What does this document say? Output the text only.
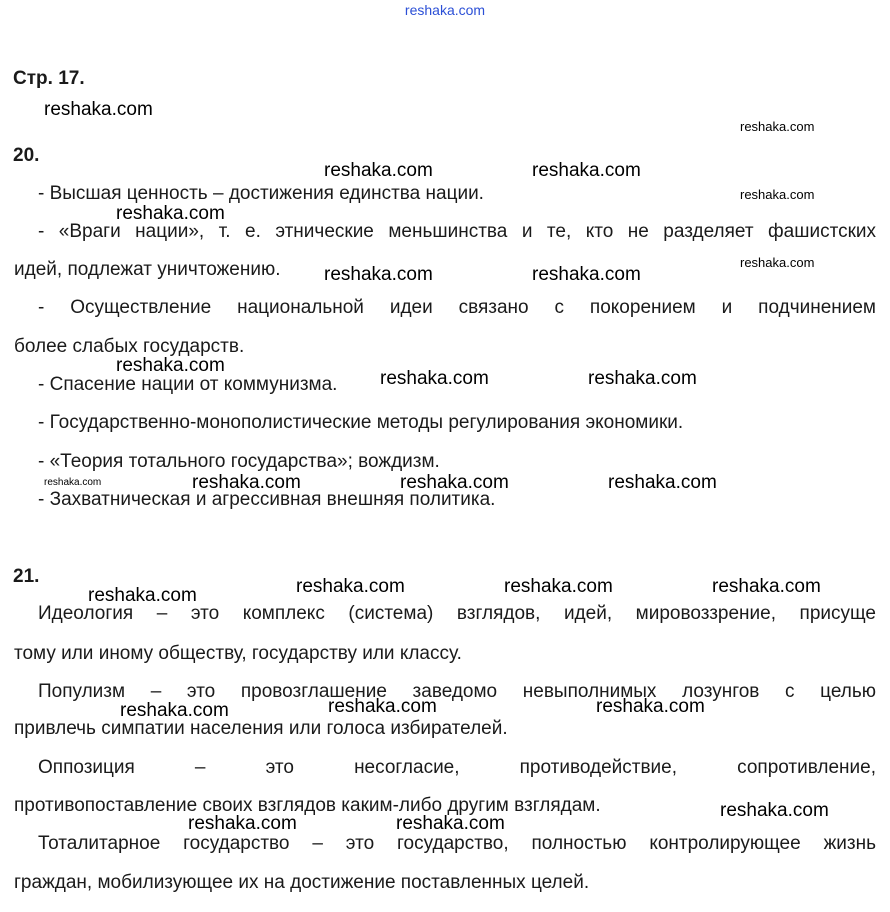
reshaka.com
Стр. 17.
20.
- Высшая ценность – достижения единства нации.
- «Враги нации», т. е. этнические меньшинства и те, кто не разделяет фашистских
идей, подлежат уничтожению.
- Осуществление национальной идеи связано с покорением и подчинением
более слабых государств.
- Спасение нации от коммунизма.
- Государственно-монополистические методы регулирования экономики.
- «Теория тотального государства»; вождизм.
- Захватническая и агрессивная внешняя политика.
21.
Идеология – это комплекс (система) взглядов, идей, мировоззрение, присуще
тому или иному обществу, государству или классу.
Популизм – это провозглашение заведомо невыполнимых лозунгов с целью
привлечь симпатии населения или голоса избирателей.
Оппозиция – это несогласие, противодействие, сопротивление,
противопоставление своих взглядов каким-либо другим взглядам.
Тоталитарное государство – это государство, полностью контролирующее жизнь
граждан, мобилизующее их на достижение поставленных целей.
reshaka.com
reshaka.com
reshaka.com	reshaka.com
reshaka.com
reshaka.com
reshaka.com
reshaka.com	reshaka.com
reshaka.com
reshaka.com	reshaka.com
reshaka.com	reshaka.com	reshaka.com	reshaka.com
reshaka.com	reshaka.com	reshaka.com	reshaka.com
reshaka.com	reshaka.com	reshaka.com
reshaka.com
reshaka.com	reshaka.com
